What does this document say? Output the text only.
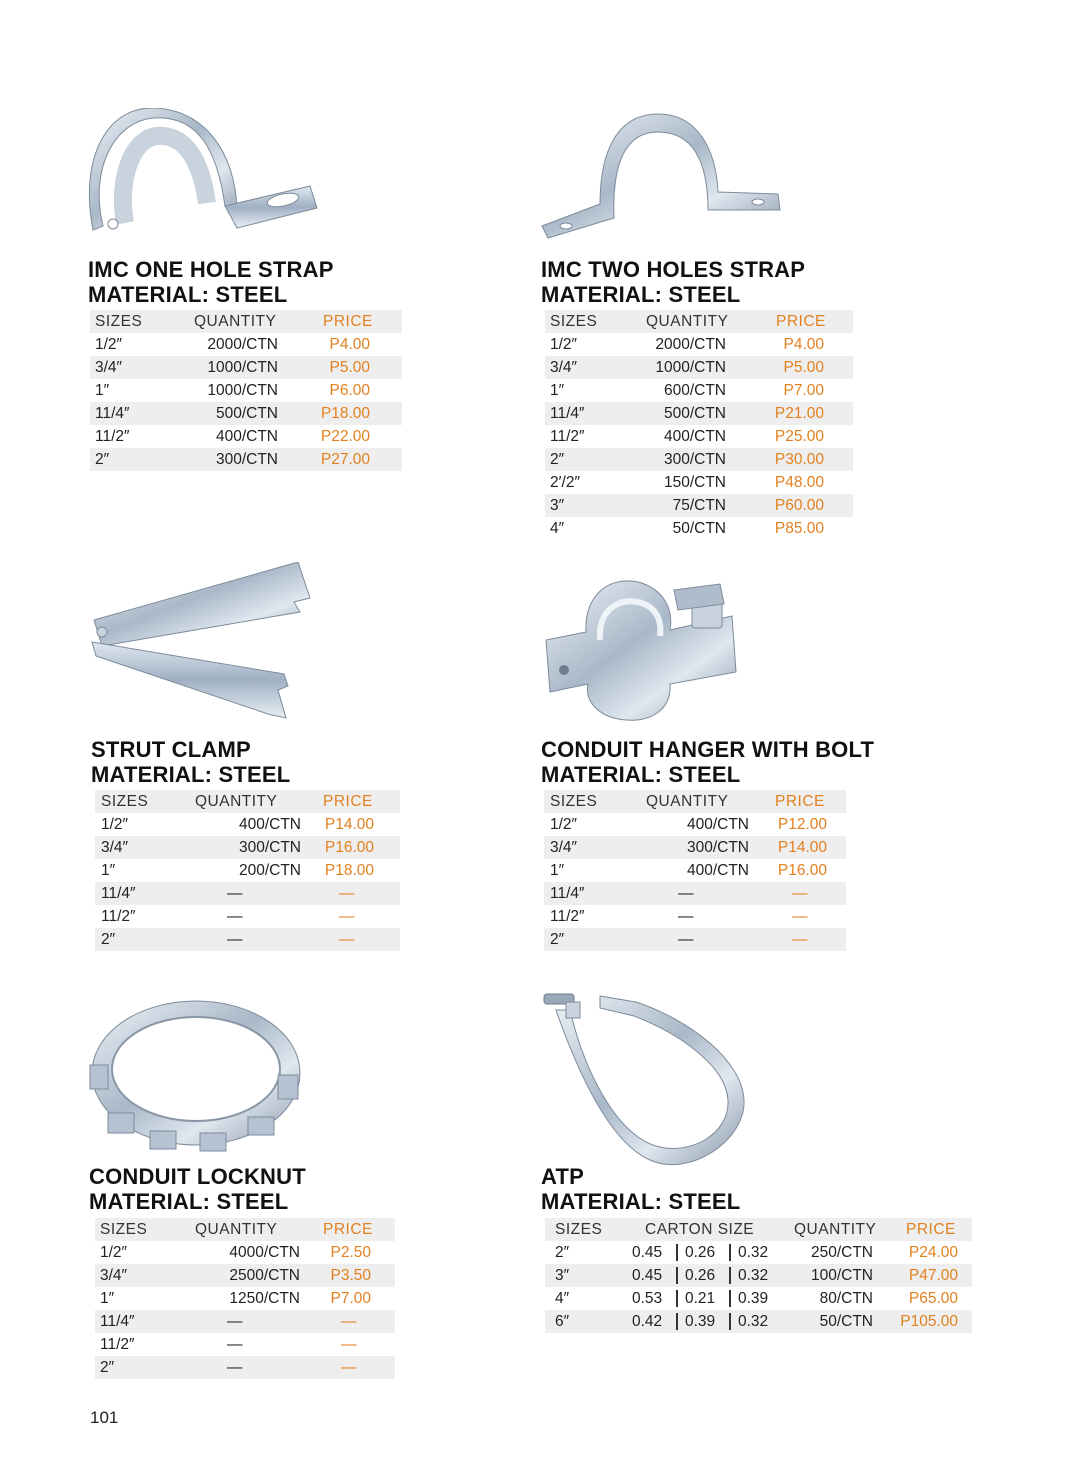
IMC ONE HOLE STRAP
MATERIAL: STEEL
SIZES	QUANTITY	PRICE
1/2″	2000/CTN	P4.00
3/4″	1000/CTN	P5.00
1″	1000/CTN	P6.00
11/4″	500/CTN	P18.00
11/2″	400/CTN	P22.00
2″	300/CTN	P27.00
IMC TWO HOLES STRAP
MATERIAL: STEEL
SIZES	QUANTITY	PRICE
1/2″	2000/CTN	P4.00
3/4″	1000/CTN	P5.00
1″	600/CTN	P7.00
11/4″	500/CTN	P21.00
11/2″	400/CTN	P25.00
2″	300/CTN	P30.00
2′/2″	150/CTN	P48.00
3″	75/CTN	P60.00
4″	50/CTN	P85.00
STRUT CLAMP
MATERIAL: STEEL
SIZES	QUANTITY	PRICE
1/2″	400/CTN P14.00
3/4″	300/CTN P16.00
1″	200/CTN P18.00
11/4″	—	—
11/2″	—	—
2″	—	—
CONDUIT HANGER WITH BOLT
MATERIAL: STEEL
SIZES	QUANTITY	PRICE
1/2″	400/CTN P12.00
3/4″	300/CTN P14.00
1″	400/CTN P16.00
11/4″	—	—
11/2″	—	—
2″	—	—
CONDUIT LOCKNUT
MATERIAL: STEEL
SIZES	QUANTITY	PRICE
1/2″	4000/CTN P2.50
3/4″	2500/CTN P3.50
1″	1250/CTN P7.00
11/4″	—	—
11/2″	—	—
2″	—	—
ATP
MATERIAL: STEEL
SIZES	CARTON SIZE	QUANTITY PRICE
2″	0.45 0.26 0.32	250/CTN P24.00
3″	0.45 0.26 0.32	100/CTN P47.00
4″	0.53 0.21 0.39	80/CTN P65.00
6″	0.42 0.39 0.32	50/CTN P105.00
101
